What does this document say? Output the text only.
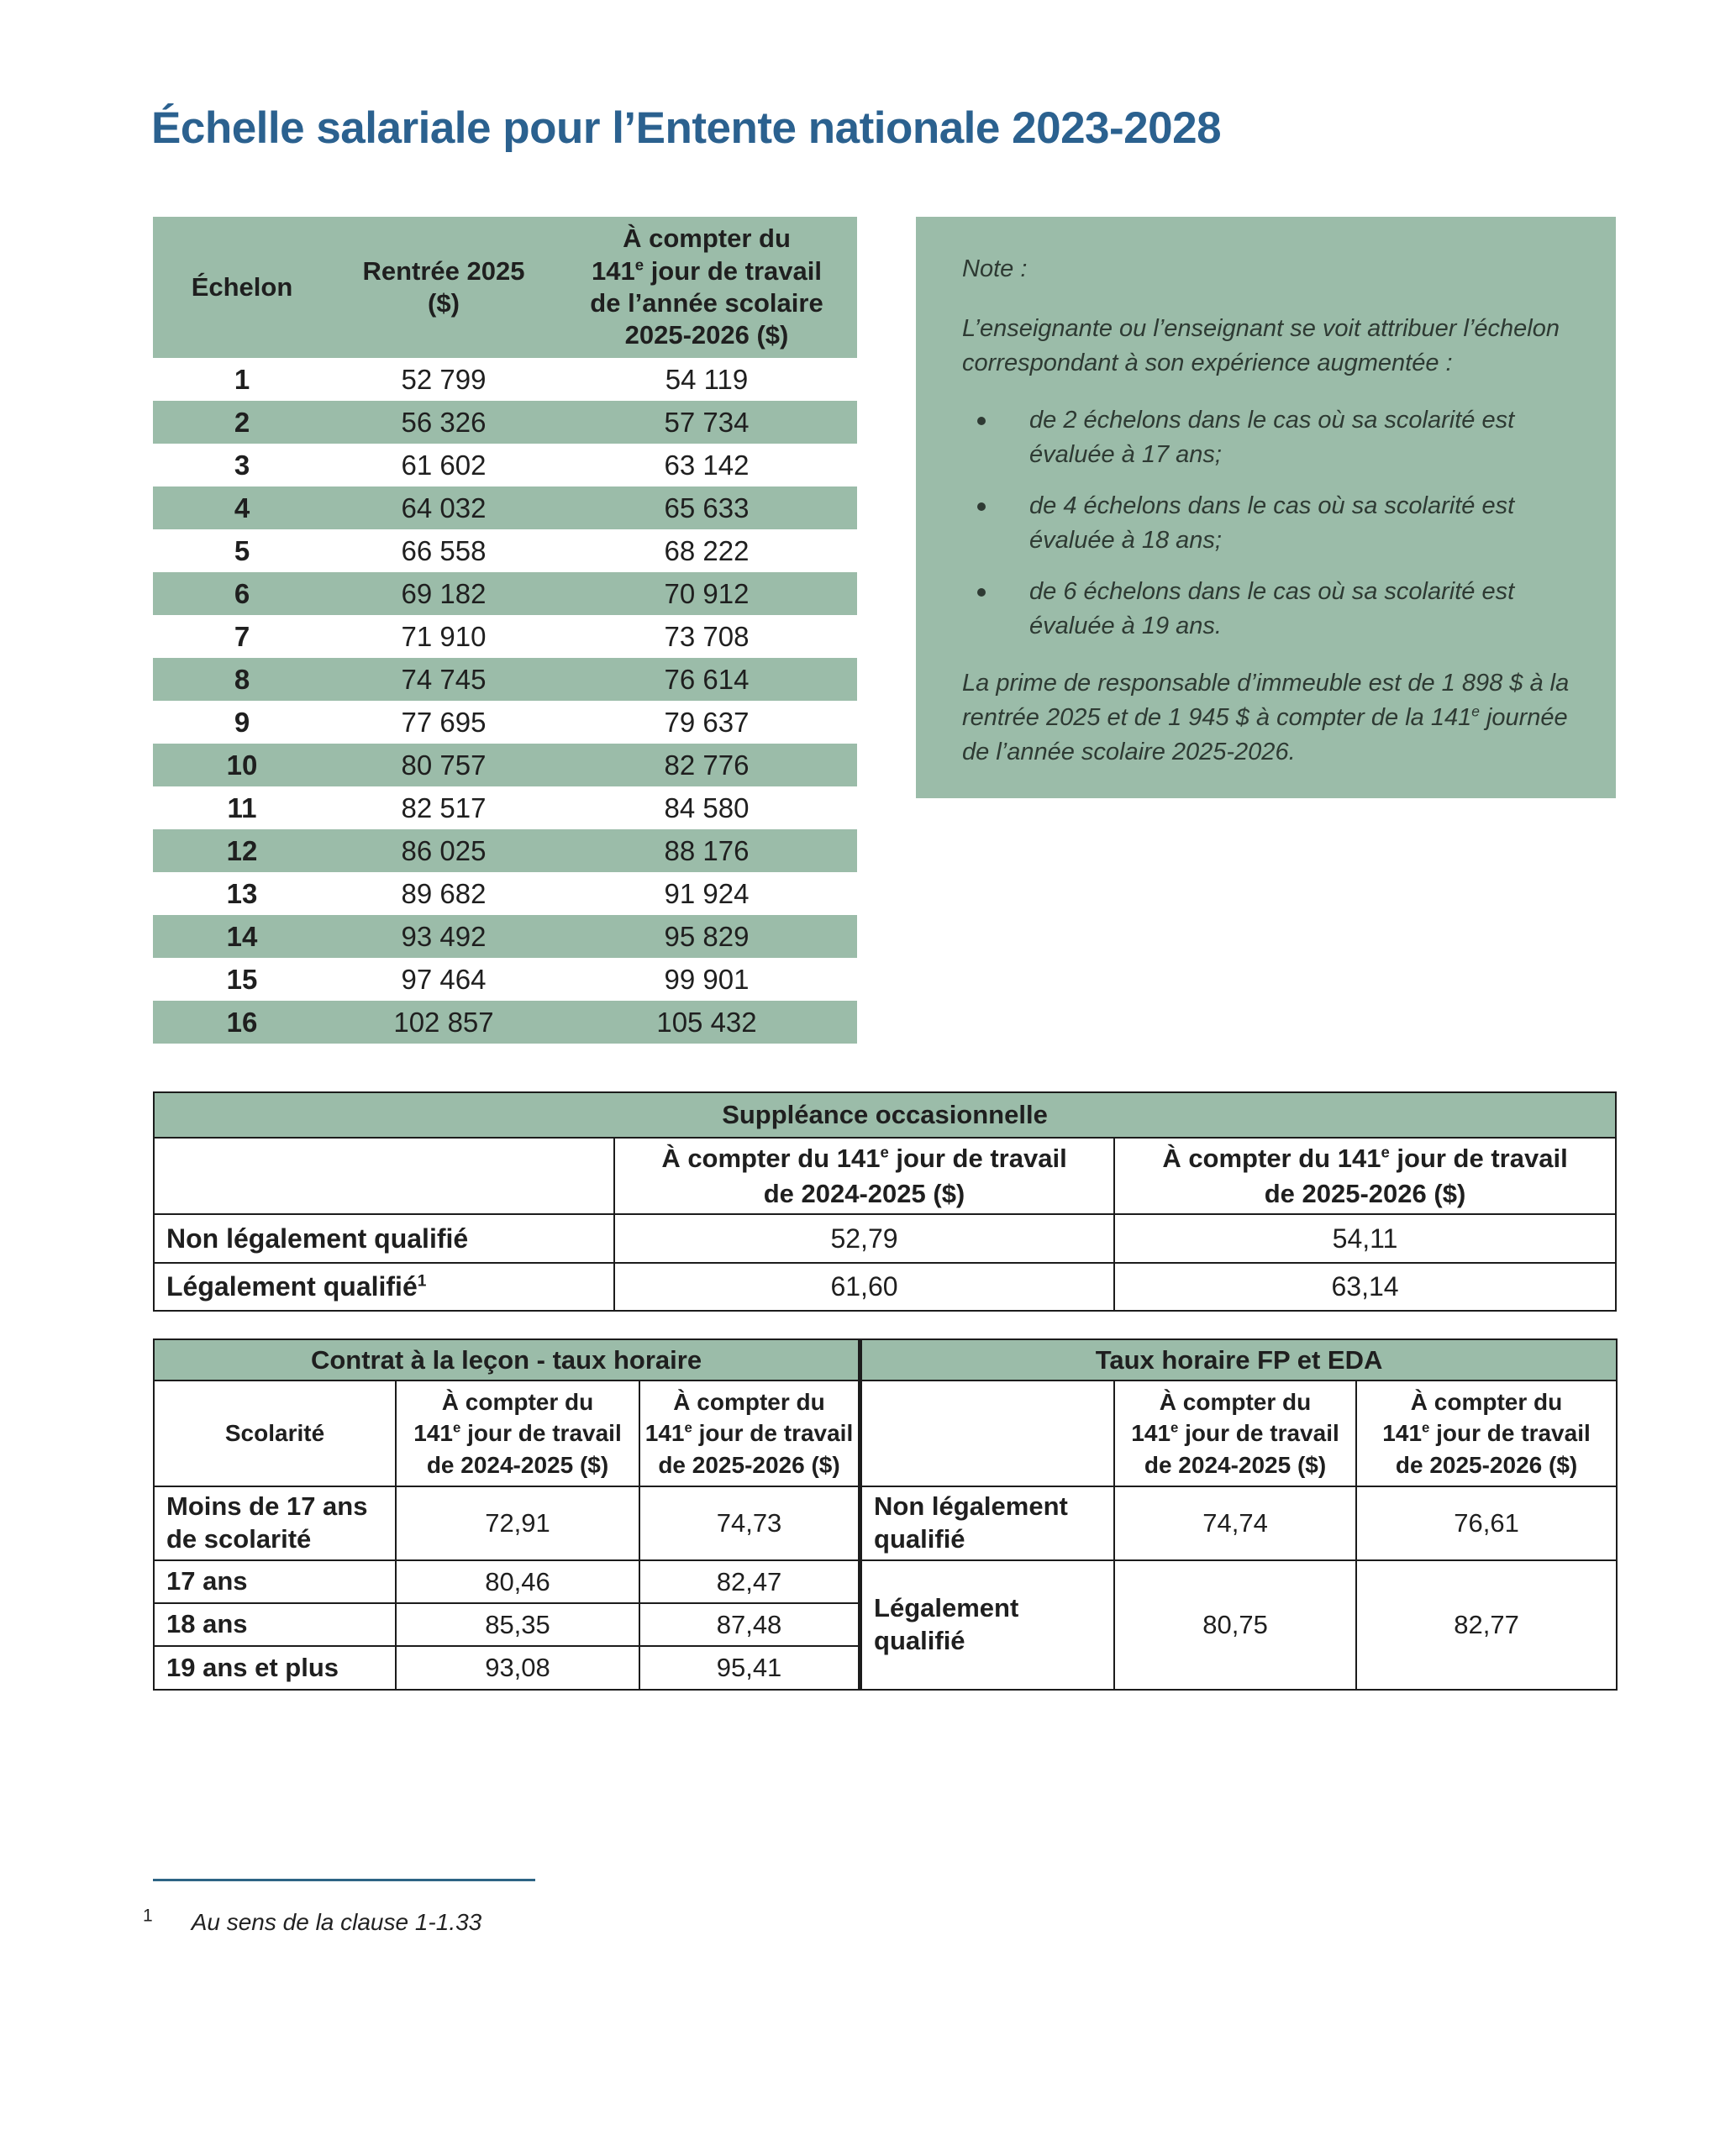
Échelle salariale pour l’Entente nationale 2023-2028
Échelon	
Rentrée 2025
($)

À compter du
141e jour de travail
de l’année scolaire
2025-2026 ($)

1	52 799	54 119
2	56 326	57 734
3	61 602	63 142
4	64 032	65 633
5	66 558	68 222
6	69 182	70 912
7	71 910	73 708
8	74 745	76 614
9	77 695	79 637
10	80 757	82 776
11	82 517	84 580
12	86 025	88 176
13	89 682	91 924
14	93 492	95 829
15	97 464	99 901
16	102 857	105 432

Note :

L’enseignante ou l’enseignant se voit attribuer l’échelon correspondant à son expérience augmentée :

de 2 échelons dans le cas où sa scolarité est évaluée à 17 ans;
de 4 échelons dans le cas où sa scolarité est évaluée à 18 ans;
de 6 échelons dans le cas où sa scolarité est évaluée à 19 ans.

La prime de responsable d’immeuble est de 1 898 $ à la rentrée 2025 et de 1 945 $ à compter de la 141e journée de l’année scolaire 2025-2026.

Suppléance occasionnelle		

À compter du 141e jour de travail
de 2024-2025 ($)

À compter du 141e jour de travail
de 2025-2026 ($)

Non légalement qualifié	52,79	54,11
Légalement qualifié$^1$	61,60	63,14
Contrat à la leçon - taux horaire		
Scolarité	
À compter du
141e jour de travail
de 2024-2025 ($)

À compter du
141e jour de travail
de 2025-2026 ($)

Moins de 17 ans de scolarité	72,91	74,73
17 ans	80,46	82,47
18 ans	85,35	87,48
19 ans et plus	93,08	95,41
Taux horaire FP et EDA		

À compter du
141e jour de travail
de 2024-2025 ($)

À compter du
141e jour de travail
de 2025-2026 ($)

Non légalement qualifié	74,74	76,61
Légalement qualifié	80,75	82,77

$^1$ Au sens de la clause 1-1.33
